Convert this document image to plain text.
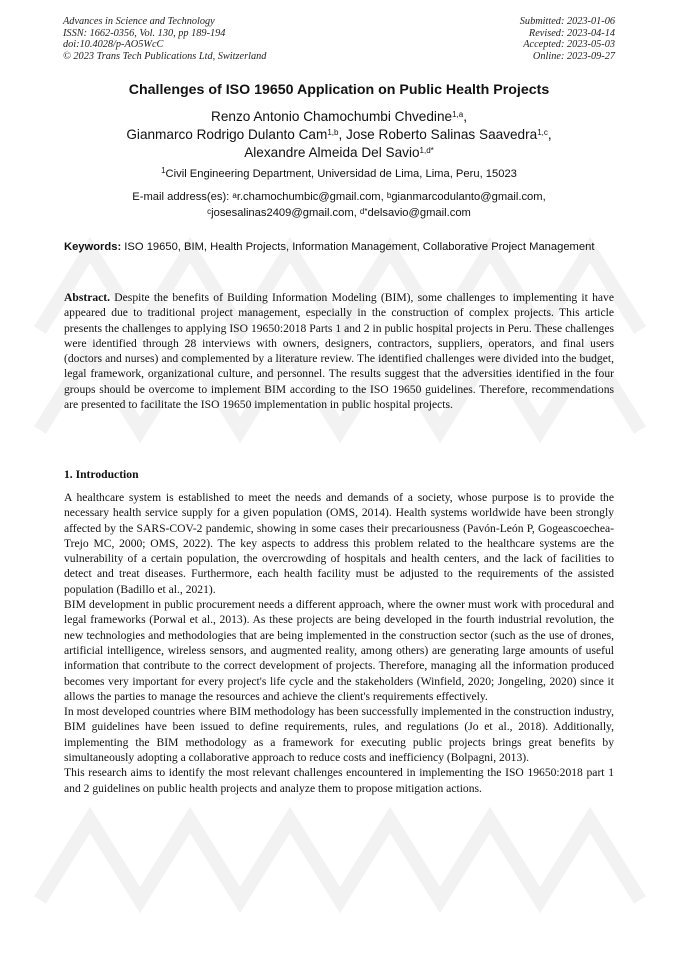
Advances in Science and Technology
ISSN: 1662-0356, Vol. 130, pp 189-194
doi:10.4028/p-AO5WcC
© 2023 Trans Tech Publications Ltd, Switzerland
Submitted: 2023-01-06
Revised: 2023-04-14
Accepted: 2023-05-03
Online: 2023-09-27
Challenges of ISO 19650 Application on Public Health Projects
Renzo Antonio Chamochumbi Chvedine$^{1,a}$,
Gianmarco Rodrigo Dulanto Cam$^{1,b}$, Jose Roberto Salinas Saavedra$^{1,c}$,
Alexandre Almeida Del Savio$^{1,d*}$
$^1$Civil Engineering Department, Universidad de Lima, Lima, Peru, 15023
E-mail address(es): $^a$r.chamochumbic@gmail.com, $^b$gianmarcodulanto@gmail.com,
$^c$josesalinas2409@gmail.com, $^{d*}$delsavio@gmail.com
Keywords: ISO 19650, BIM, Health Projects, Information Management, Collaborative Project Management
Abstract. Despite the benefits of Building Information Modeling (BIM), some challenges to implementing it have appeared due to traditional project management, especially in the construction of complex projects. This article presents the challenges to applying ISO 19650:2018 Parts 1 and 2 in public hospital projects in Peru. These challenges were identified through 28 interviews with owners, designers, contractors, suppliers, operators, and final users (doctors and nurses) and complemented by a literature review. The identified challenges were divided into the budget, legal framework, organizational culture, and personnel. The results suggest that the adversities identified in the four groups should be overcome to implement BIM according to the ISO 19650 guidelines. Therefore, recommendations are presented to facilitate the ISO 19650 implementation in public hospital projects.
1. Introduction

A healthcare system is established to meet the needs and demands of a society, whose purpose is to provide the necessary health service supply for a given population (OMS, 2014). Health systems worldwide have been strongly affected by the SARS-COV-2 pandemic, showing in some cases their precariousness (Pavón-León P, Gogeascoechea-Trejo MC, 2000; OMS, 2022). The key aspects to address this problem related to the healthcare systems are the vulnerability of a certain population, the overcrowding of hospitals and health centers, and the lack of facilities to detect and treat diseases. Furthermore, each health facility must be adjusted to the requirements of the assisted population (Badillo et al., 2021).

BIM development in public procurement needs a different approach, where the owner must work with procedural and legal frameworks (Porwal et al., 2013). As these projects are being developed in the fourth industrial revolution, the new technologies and methodologies that are being implemented in the construction sector (such as the use of drones, artificial intelligence, wireless sensors, and augmented reality, among others) are generating large amounts of useful information that contribute to the correct development of projects. Therefore, managing all the information produced becomes very important for every project's life cycle and the stakeholders (Winfield, 2020; Jongeling, 2020) since it allows the parties to manage the resources and achieve the client's requirements effectively.

In most developed countries where BIM methodology has been successfully implemented in the construction industry, BIM guidelines have been issued to define requirements, rules, and regulations (Jo et al., 2018). Additionally, implementing the BIM methodology as a framework for executing public projects brings great benefits by simultaneously adopting a collaborative approach to reduce costs and inefficiency (Bolpagni, 2013).

This research aims to identify the most relevant challenges encountered in implementing the ISO 19650:2018 part 1 and 2 guidelines on public health projects and analyze them to propose mitigation actions.
